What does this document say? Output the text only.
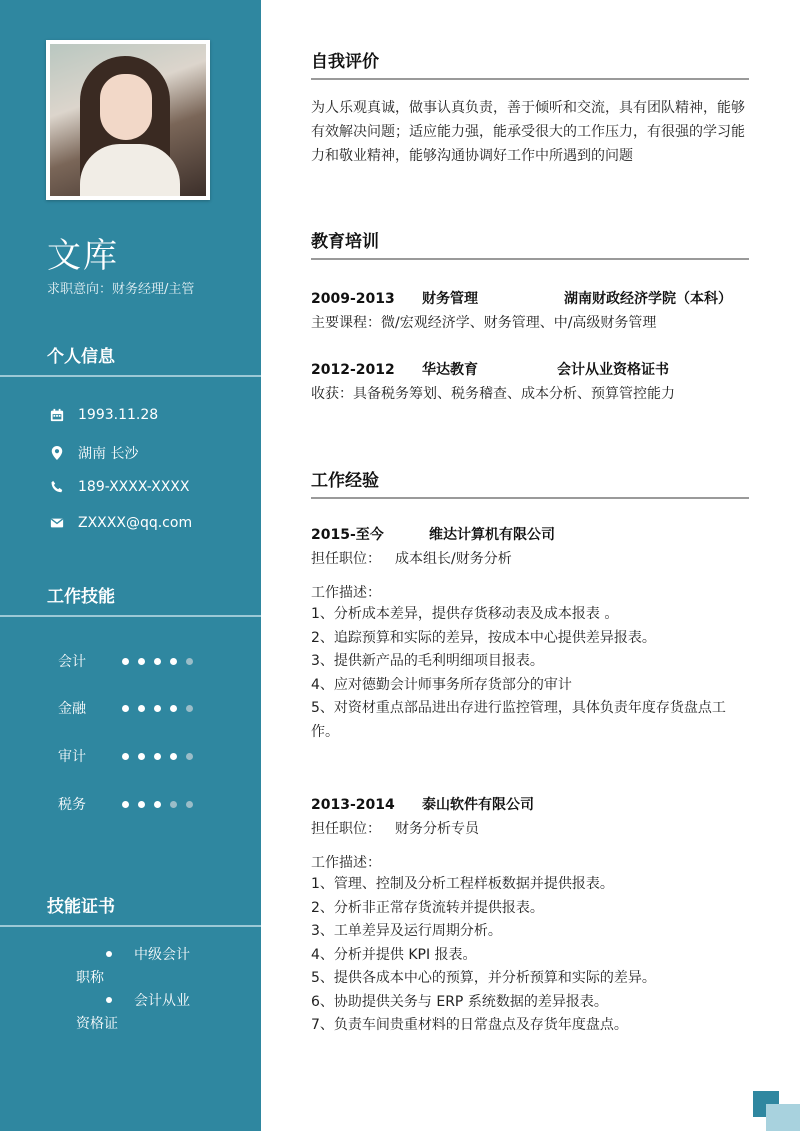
文库
求职意向：财务经理/主管
个人信息
1993.11.28
湖南 长沙
189-XXXX-XXXX
ZXXXX@qq.com
工作技能
会计
金融
审计
税务
技能证书
中级会计
职称
会计从业
资格证
自我评价
为人乐观真诚，做事认真负责，善于倾听和交流，具有团队精神，能够有效解决问题；适应能力强，能承受很大的工作压力，有很强的学习能力和敬业精神，能够沟通协调好工作中所遇到的问题
教育培训
2009-2013 财务管理	湖南财政经济学院（本科）
主要课程：微/宏观经济学、财务管理、中/高级财务管理
2012-2012 华达教育	会计从业资格证书
收获：具备税务筹划、税务稽查、成本分析、预算管控能力
工作经验
2015-至今	维达计算机有限公司
担任职位： 成本组长/财务分析
工作描述：
1、分析成本差异，提供存货移动表及成本报表 。
2、追踪预算和实际的差异，按成本中心提供差异报表。
3、提供新产品的毛利明细项目报表。
4、应对德勤会计师事务所存货部分的审计
5、对资材重点部品进出存进行监控管理，具体负责年度存货盘点工作。
2013-2014 泰山软件有限公司
担任职位： 财务分析专员
工作描述：
1、管理、控制及分析工程样板数据并提供报表。
2、分析非正常存货流转并提供报表。
3、工单差异及运行周期分析。
4、分析并提供 KPI 报表。
5、提供各成本中心的预算，并分析预算和实际的差异。
6、协助提供关务与 ERP 系统数据的差异报表。
7、负责车间贵重材料的日常盘点及存货年度盘点。
